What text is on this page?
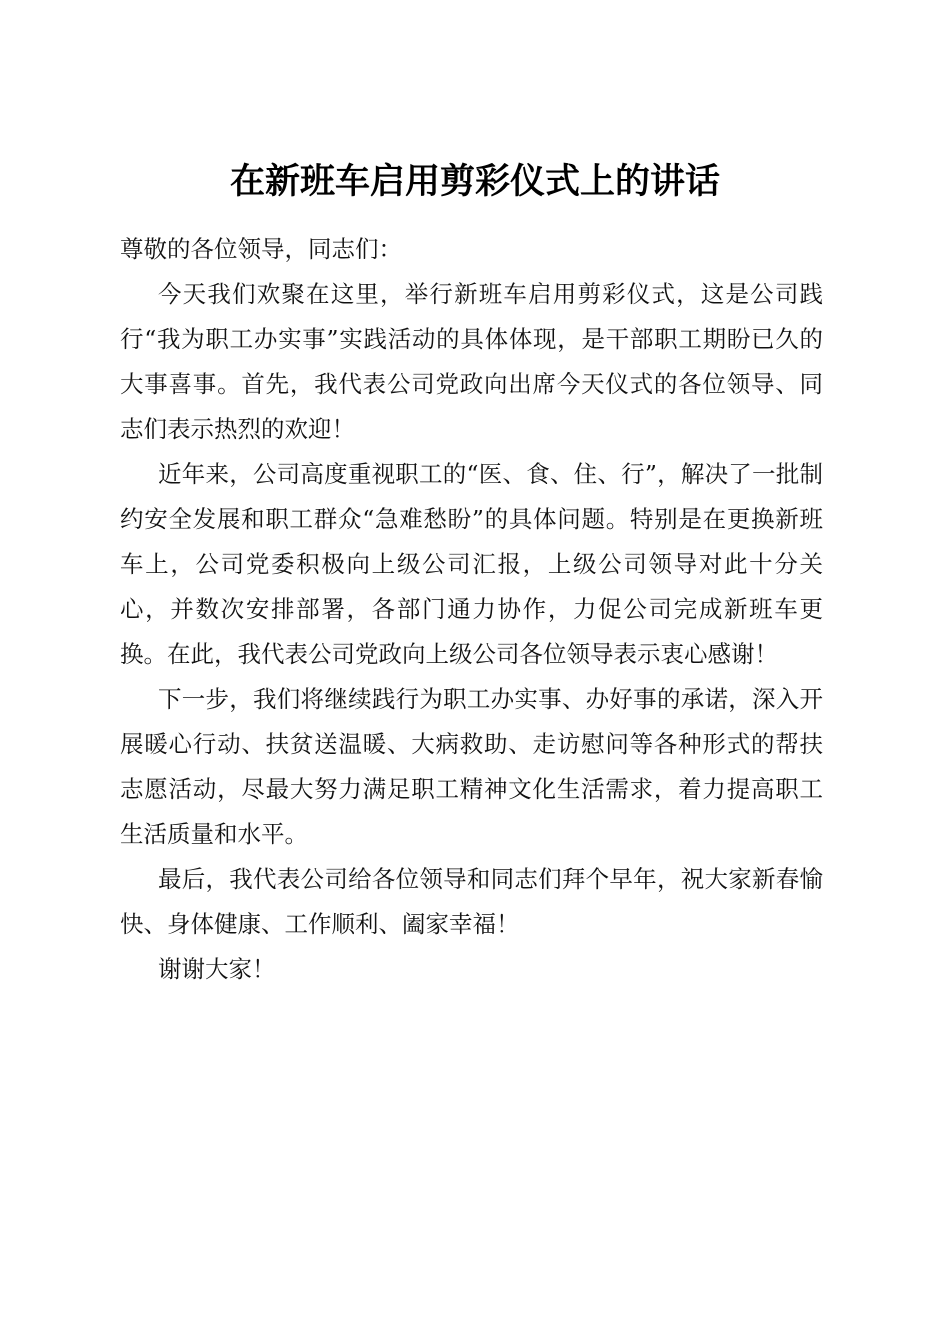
在新班车启用剪彩仪式上的讲话

尊敬的各位领导，同志们：

今天我们欢聚在这里，举行新班车启用剪彩仪式，这是公司践行“我为职工办实事”实践活动的具体体现，是干部职工期盼已久的大事喜事。首先，我代表公司党政向出席今天仪式的各位领导、同志们表示热烈的欢迎！

近年来，公司高度重视职工的“医、食、住、行”，解决了一批制约安全发展和职工群众“急难愁盼”的具体问题。特别是在更换新班车上，公司党委积极向上级公司汇报，上级公司领导对此十分关心，并数次安排部署，各部门通力协作，力促公司完成新班车更换。在此，我代表公司党政向上级公司各位领导表示衷心感谢！

下一步，我们将继续践行为职工办实事、办好事的承诺，深入开展暖心行动、扶贫送温暖、大病救助、走访慰问等各种形式的帮扶志愿活动，尽最大努力满足职工精神文化生活需求，着力提高职工生活质量和水平。

最后，我代表公司给各位领导和同志们拜个早年，祝大家新春愉快、身体健康、工作顺利、阖家幸福！

谢谢大家！
